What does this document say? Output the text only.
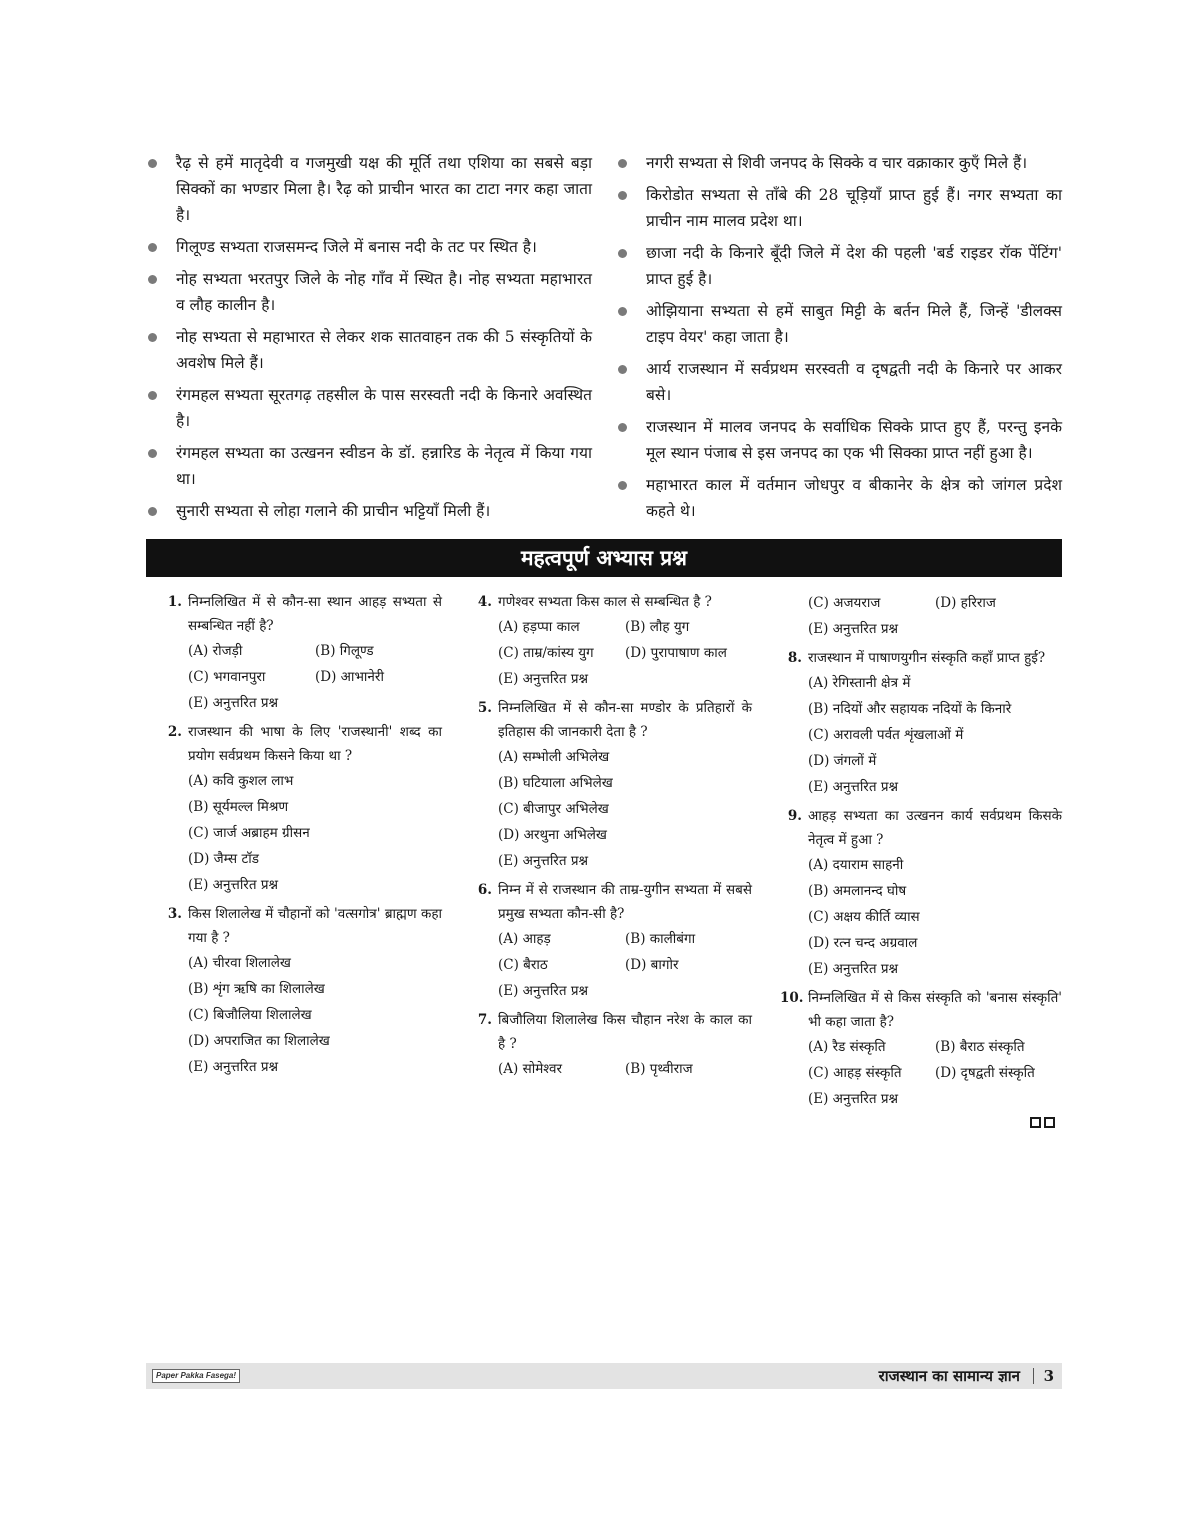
रैढ़ से हमें मातृदेवी व गजमुखी यक्ष की मूर्ति तथा एशिया का सबसे बड़ा सिक्कों का भण्डार मिला है। रैढ़ को प्राचीन भारत का टाटा नगर कहा जाता है।
गिलूण्ड सभ्यता राजसमन्द जिले में बनास नदी के तट पर स्थित है।
नोह सभ्यता भरतपुर जिले के नोह गाँव में स्थित है। नोह सभ्यता महाभारत व लौह कालीन है।
नोह सभ्यता से महाभारत से लेकर शक सातवाहन तक की 5 संस्कृतियों के अवशेष मिले हैं।
रंगमहल सभ्यता सूरतगढ़ तहसील के पास सरस्वती नदी के किनारे अवस्थित है।
रंगमहल सभ्यता का उत्खनन स्वीडन के डॉ. हन्नारिड के नेतृत्व में किया गया था।
सुनारी सभ्यता से लोहा गलाने की प्राचीन भट्टियाँ मिली हैं।
नगरी सभ्यता से शिवी जनपद के सिक्के व चार वक्राकार कुएँ मिले हैं।
किरोडोत सभ्यता से ताँबे की 28 चूड़ियाँ प्राप्त हुई हैं। नगर सभ्यता का प्राचीन नाम मालव प्रदेश था।
छाजा नदी के किनारे बूँदी जिले में देश की पहली 'बर्ड राइडर रॉक पेंटिंग' प्राप्त हुई है।
ओझियाना सभ्यता से हमें साबुत मिट्टी के बर्तन मिले हैं, जिन्हें 'डीलक्स टाइप वेयर' कहा जाता है।
आर्य राजस्थान में सर्वप्रथम सरस्वती व दृषद्वती नदी के किनारे पर आकर बसे।
राजस्थान में मालव जनपद के सर्वाधिक सिक्के प्राप्त हुए हैं, परन्तु इनके मूल स्थान पंजाब से इस जनपद का एक भी सिक्का प्राप्त नहीं हुआ है।
महाभारत काल में वर्तमान जोधपुर व बीकानेर के क्षेत्र को जांगल प्रदेश कहते थे।
महत्वपूर्ण अभ्यास प्रश्न
1. निम्नलिखित में से कौन-सा स्थान आहड़ सभ्यता से सम्बन्धित नहीं है?
(A) रोजड़ी	(B) गिलूण्ड
(C) भगवानपुरा	(D) आभानेरी
(E) अनुत्तरित प्रश्न
2. राजस्थान की भाषा के लिए 'राजस्थानी' शब्द का प्रयोग सर्वप्रथम किसने किया था ?
(A) कवि कुशल लाभ
(B) सूर्यमल्ल मिश्रण
(C) जार्ज अब्राहम ग्रीसन
(D) जैम्स टॉड
(E) अनुत्तरित प्रश्न
3. किस शिलालेख में चौहानों को 'वत्सगोत्र' ब्राह्मण कहा गया है ?
(A) चीरवा शिलालेख
(B) शृंग ऋषि का शिलालेख
(C) बिजौलिया शिलालेख
(D) अपराजित का शिलालेख
(E) अनुत्तरित प्रश्न
4. गणेश्वर सभ्यता किस काल से सम्बन्धित है ?
(A) हड़प्पा काल	(B) लौह युग
(C) ताम्र/कांस्य युग	(D) पुरापाषाण काल
(E) अनुत्तरित प्रश्न
5. निम्नलिखित में से कौन-सा मण्डोर के प्रतिहारों के इतिहास की जानकारी देता है ?
(A) सम्भोली अभिलेख
(B) घटियाला अभिलेख
(C) बीजापुर अभिलेख
(D) अरथुना अभिलेख
(E) अनुत्तरित प्रश्न
6. निम्न में से राजस्थान की ताम्र-युगीन सभ्यता में सबसे प्रमुख सभ्यता कौन-सी है?
(A) आहड़	(B) कालीबंगा
(C) बैराठ	(D) बागोर
(E) अनुत्तरित प्रश्न
7. बिजौलिया शिलालेख किस चौहान नरेश के काल का है ?
(A) सोमेश्वर	(B) पृथ्वीराज
(C) अजयराज	(D) हरिराज
(E) अनुत्तरित प्रश्न
8. राजस्थान में पाषाणयुगीन संस्कृति कहाँ प्राप्त हुई?
(A) रेगिस्तानी क्षेत्र में
(B) नदियों और सहायक नदियों के किनारे
(C) अरावली पर्वत शृंखलाओं में
(D) जंगलों में
(E) अनुत्तरित प्रश्न
9. आहड़ सभ्यता का उत्खनन कार्य सर्वप्रथम किसके नेतृत्व में हुआ ?
(A) दयाराम साहनी
(B) अमलानन्द घोष
(C) अक्षय कीर्ति व्यास
(D) रत्न चन्द अग्रवाल
(E) अनुत्तरित प्रश्न
10. निम्नलिखित में से किस संस्कृति को 'बनास संस्कृति' भी कहा जाता है?
(A) रैड संस्कृति	(B) बैराठ संस्कृति
(C) आहड़ संस्कृति	(D) दृषद्वती संस्कृति
(E) अनुत्तरित प्रश्न
Paper Pakka Fasega!	राजस्थान का सामान्य ज्ञान 3
